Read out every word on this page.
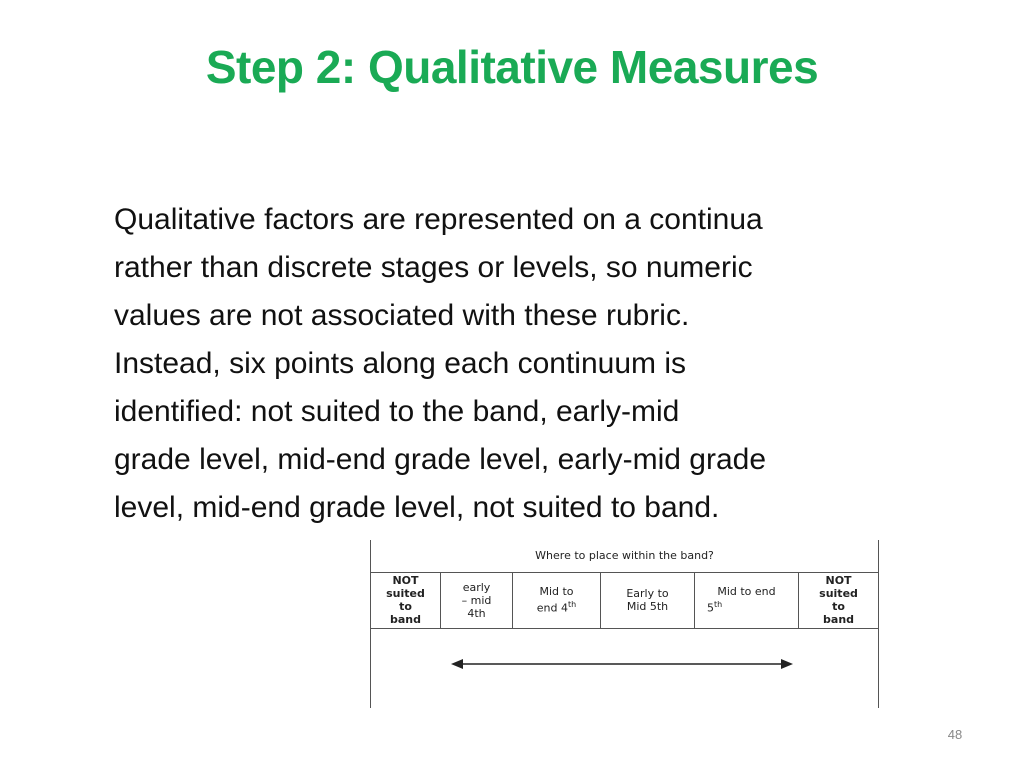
Step 2: Qualitative Measures
Qualitative factors are represented on a continua
rather than discrete stages or levels, so numeric
values are not associated with these rubric.
Instead, six points along each continuum is
identified: not suited to the band, early-mid
grade level, mid-end grade level, early-mid grade
level, mid-end grade level, not suited to band.
Where to place within the band?

NOT
suited
to
band

early
– mid
4th

Mid to
end 4th

Early to
Mid 5th

Mid to end
5th

NOT
suited
to
band

48
